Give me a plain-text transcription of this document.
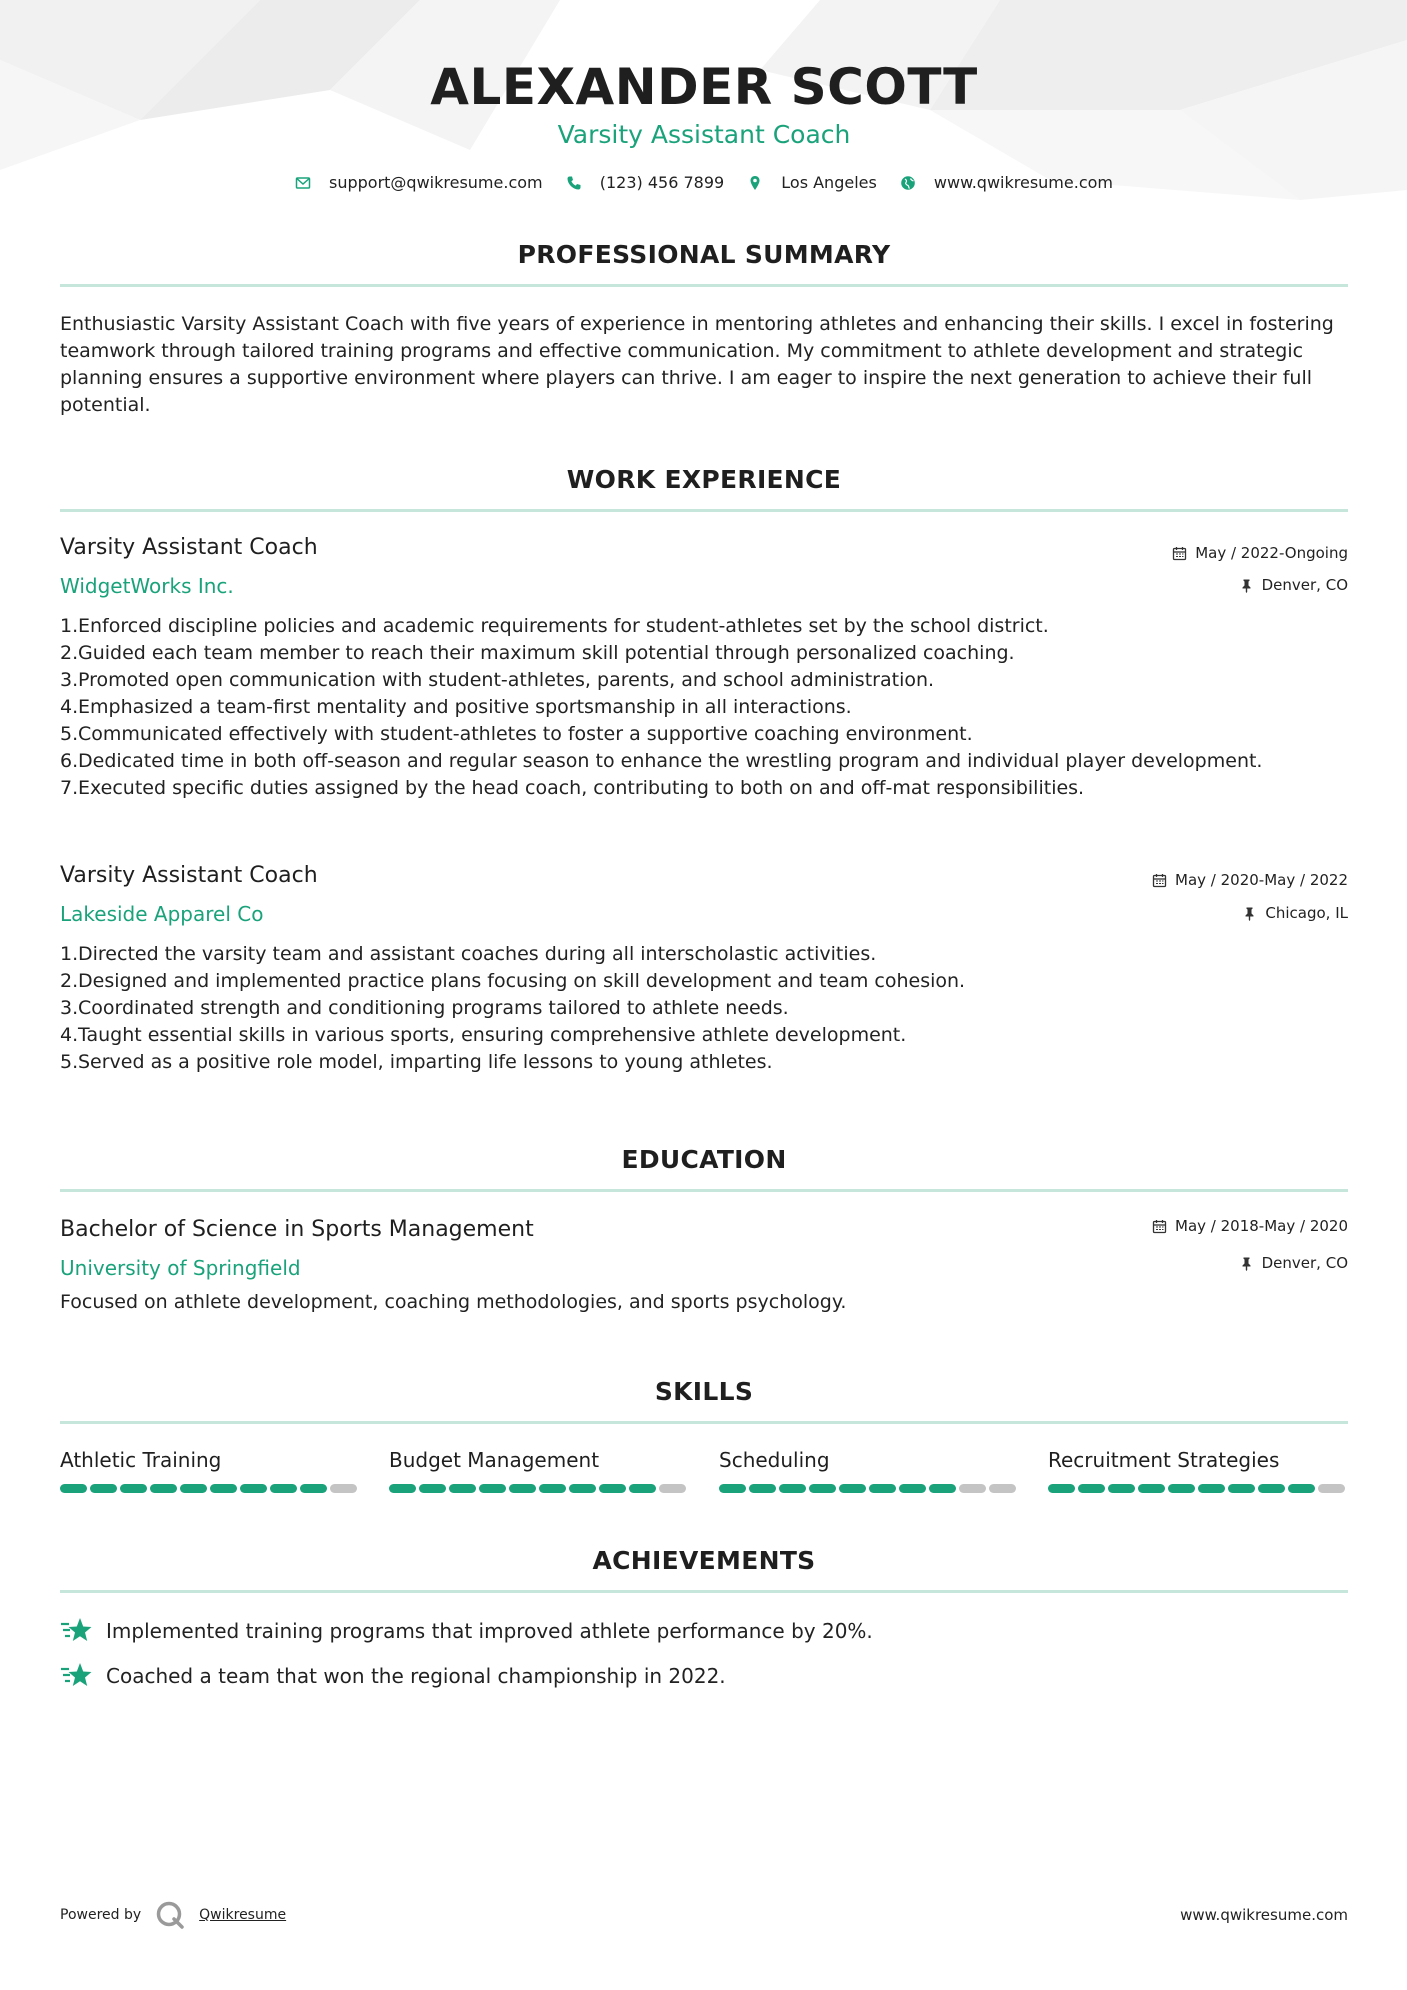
ALEXANDER SCOTT
Varsity Assistant Coach
support@qwikresume.com
	(123) 456 7899
	Los Angeles
	www.qwikresume.com
PROFESSIONAL SUMMARY
Enthusiastic Varsity Assistant Coach with five years of experience in mentoring athletes and enhancing their skills. I excel in fostering teamwork through tailored training programs and effective communication. My commitment to athlete development and strategic planning ensures a supportive environment where players can thrive. I am eager to inspire the next generation to achieve their full potential.
WORK EXPERIENCE
Varsity Assistant Coach
WidgetWorks Inc.
May / 2022-Ongoing
Denver, CO
1. Enforced discipline policies and academic requirements for student-athletes set by the school district.
2. Guided each team member to reach their maximum skill potential through personalized coaching.
3. Promoted open communication with student-athletes, parents, and school administration.
4. Emphasized a team-first mentality and positive sportsmanship in all interactions.
5. Communicated effectively with student-athletes to foster a supportive coaching environment.
6. Dedicated time in both off-season and regular season to enhance the wrestling program and individual player development.
7. Executed specific duties assigned by the head coach, contributing to both on and off-mat responsibilities.
Varsity Assistant Coach
Lakeside Apparel Co
May / 2020-May / 2022
Chicago, IL
1. Directed the varsity team and assistant coaches during all interscholastic activities.
2. Designed and implemented practice plans focusing on skill development and team cohesion.
3. Coordinated strength and conditioning programs tailored to athlete needs.
4. Taught essential skills in various sports, ensuring comprehensive athlete development.
5. Served as a positive role model, imparting life lessons to young athletes.
EDUCATION
Bachelor of Science in Sports Management
University of Springfield
May / 2018-May / 2020
Denver, CO
Focused on athlete development, coaching methodologies, and sports psychology.
SKILLS
Athletic Training	Budget Management	Scheduling	Recruitment Strategies
ACHIEVEMENTS
Implemented training programs that improved athlete performance by 20%.
Coached a team that won the regional championship in 2022.
Powered by	Qwikresume	www.qwikresume.com
